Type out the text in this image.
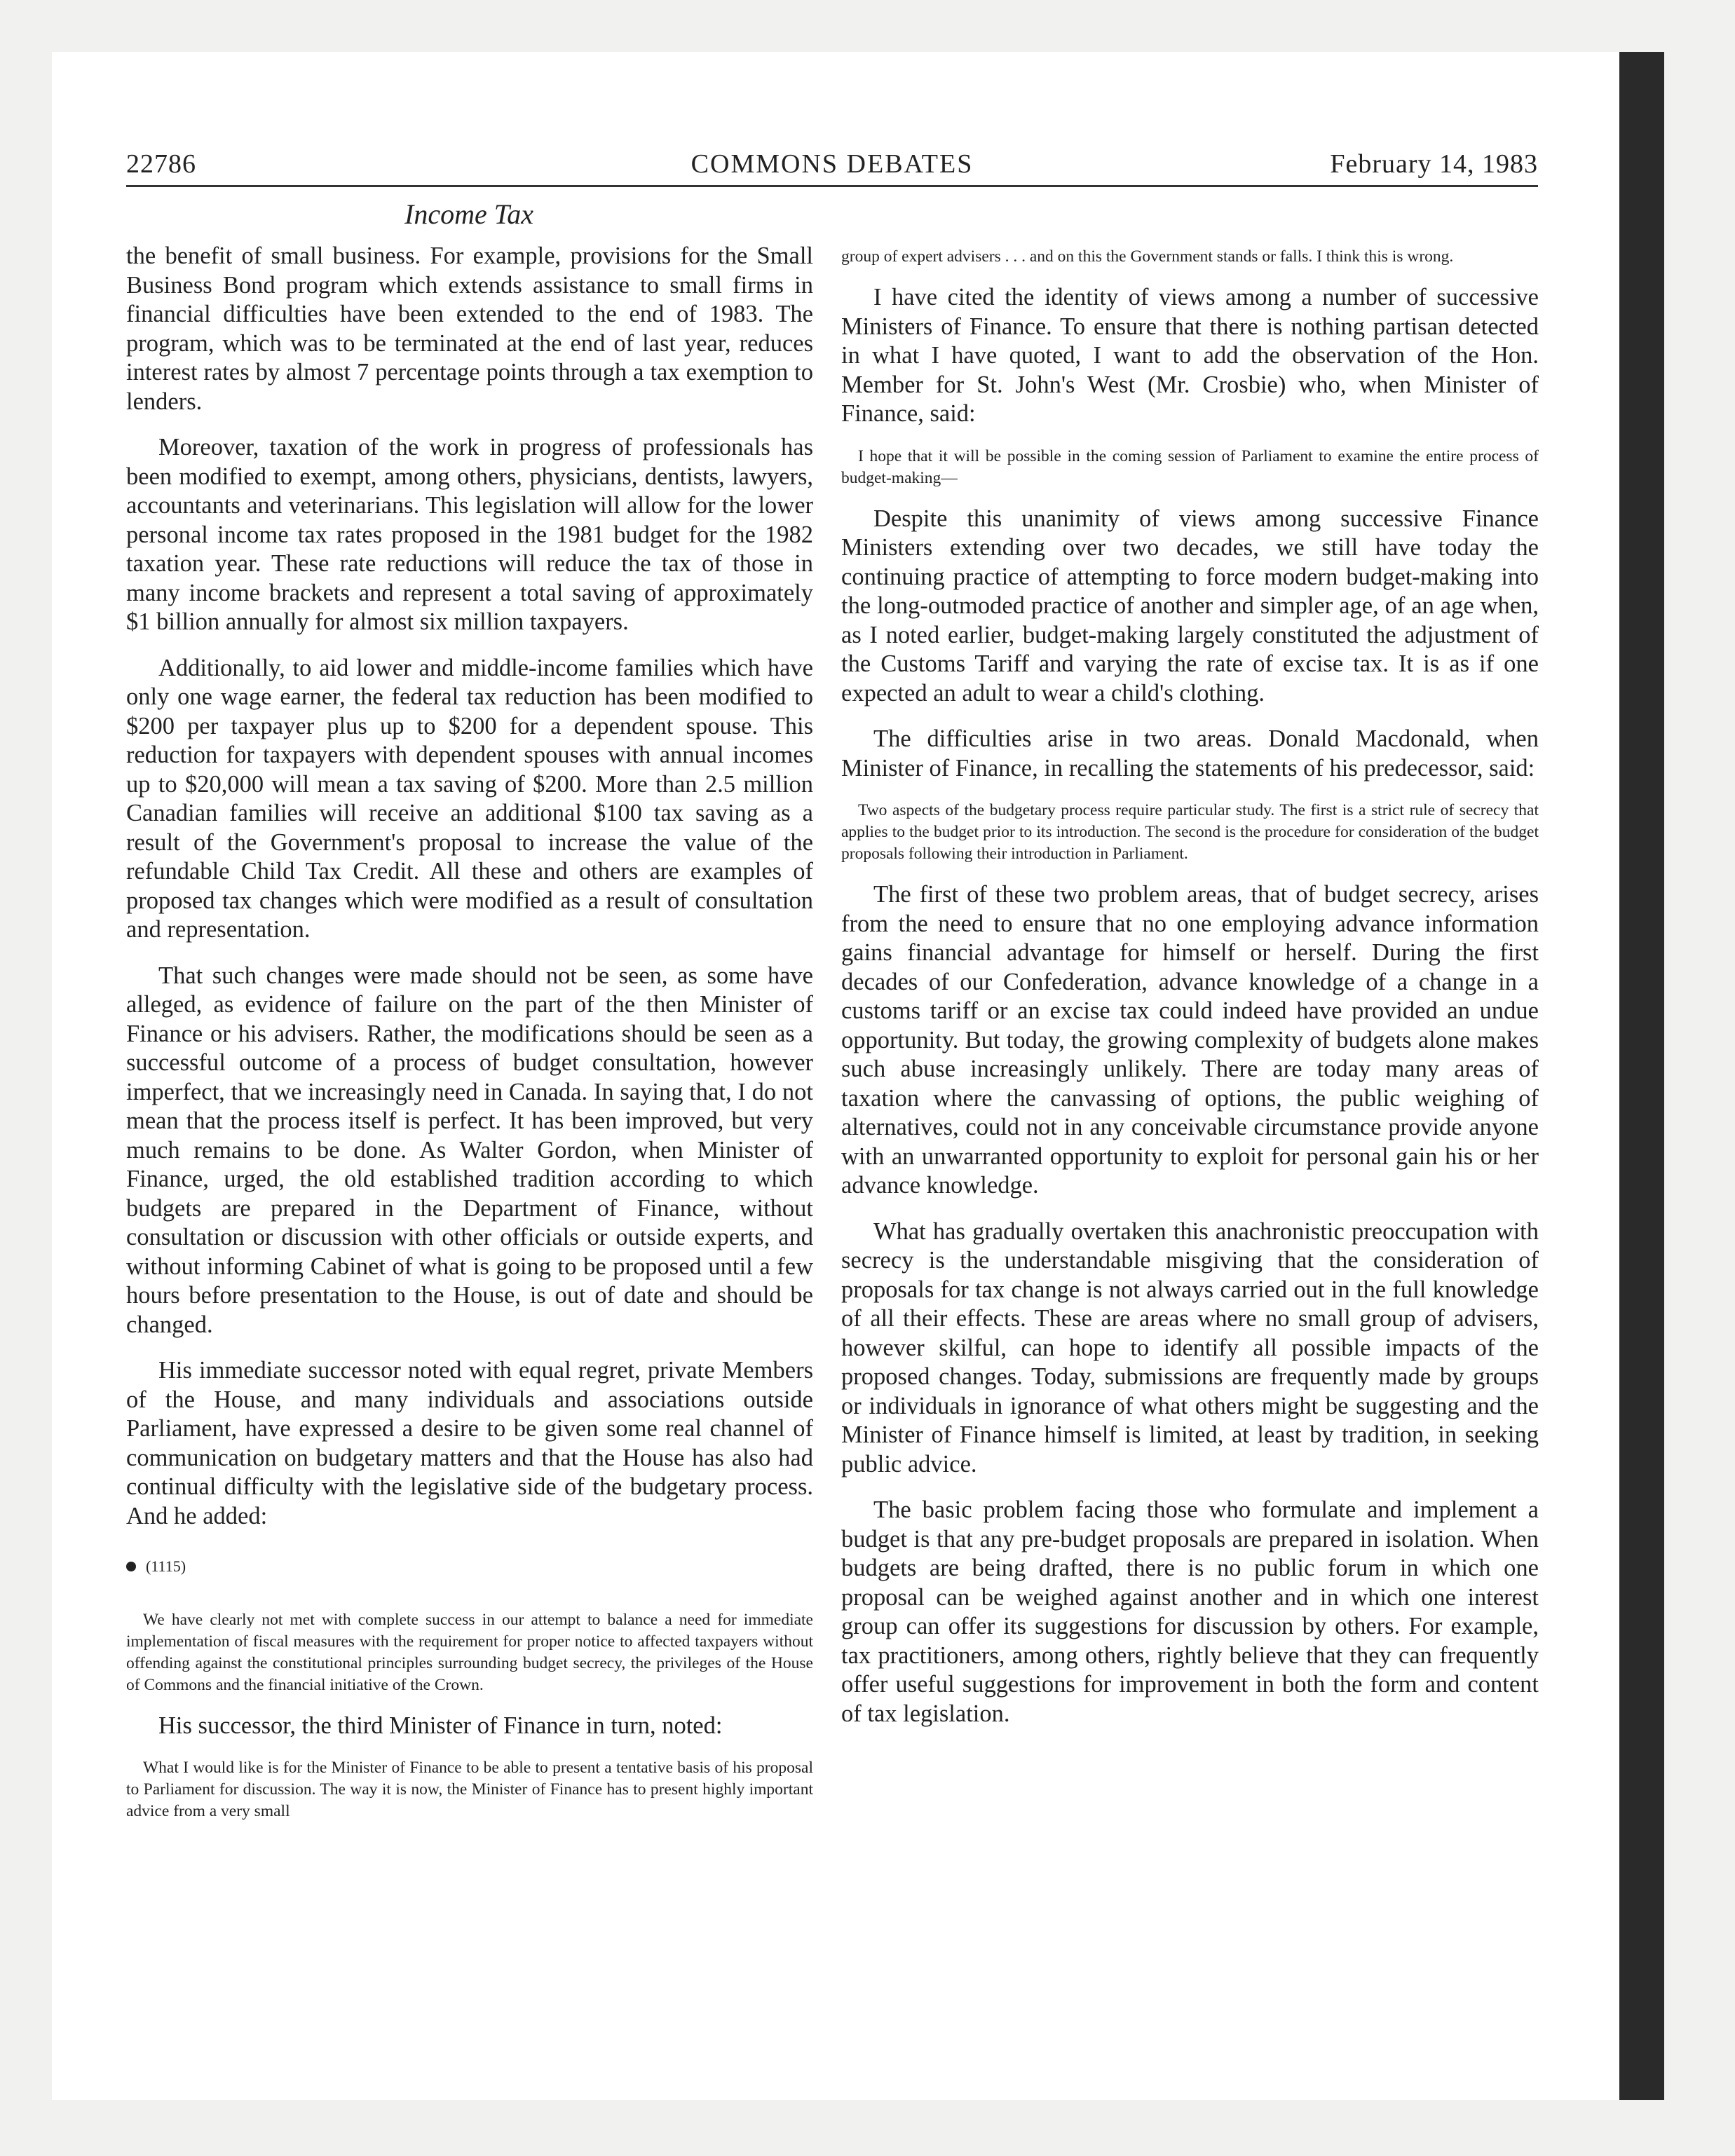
22786	COMMONS DEBATES	February 14, 1983
Income Tax

the benefit of small business. For example, provisions for the Small Business Bond program which extends assistance to small firms in financial difficulties have been extended to the end of 1983. The program, which was to be terminated at the end of last year, reduces interest rates by almost 7 percentage points through a tax exemption to lenders.

Moreover, taxation of the work in progress of professionals has been modified to exempt, among others, physicians, dentists, lawyers, accountants and veterinarians. This legislation will allow for the lower personal income tax rates proposed in the 1981 budget for the 1982 taxation year. These rate reductions will reduce the tax of those in many income brackets and represent a total saving of approximately $1 billion annually for almost six million taxpayers.

Additionally, to aid lower and middle-income families which have only one wage earner, the federal tax reduction has been modified to $200 per taxpayer plus up to $200 for a dependent spouse. This reduction for taxpayers with dependent spouses with annual incomes up to $20,000 will mean a tax saving of $200. More than 2.5 million Canadian families will receive an additional $100 tax saving as a result of the Government's proposal to increase the value of the refundable Child Tax Credit. All these and others are examples of proposed tax changes which were modified as a result of consultation and representation.

That such changes were made should not be seen, as some have alleged, as evidence of failure on the part of the then Minister of Finance or his advisers. Rather, the modifications should be seen as a successful outcome of a process of budget consultation, however imperfect, that we increasingly need in Canada. In saying that, I do not mean that the process itself is perfect. It has been improved, but very much remains to be done. As Walter Gordon, when Minister of Finance, urged, the old established tradition according to which budgets are prepared in the Department of Finance, without consultation or discussion with other officials or outside experts, and without informing Cabinet of what is going to be proposed until a few hours before presentation to the House, is out of date and should be changed.

His immediate successor noted with equal regret, private Members of the House, and many individuals and associations outside Parliament, have expressed a desire to be given some real channel of communication on budgetary matters and that the House has also had continual difficulty with the legislative side of the budgetary process. And he added:

(1115)
We have clearly not met with complete success in our attempt to balance a need for immediate implementation of fiscal measures with the requirement for proper notice to affected taxpayers without offending against the constitutional principles surrounding budget secrecy, the privileges of the House of Commons and the financial initiative of the Crown.

His successor, the third Minister of Finance in turn, noted:

What I would like is for the Minister of Finance to be able to present a tentative basis of his proposal to Parliament for discussion. The way it is now, the Minister of Finance has to present highly important advice from a very small
group of expert advisers . . . and on this the Government stands or falls. I think this is wrong.

I have cited the identity of views among a number of successive Ministers of Finance. To ensure that there is nothing partisan detected in what I have quoted, I want to add the observation of the Hon. Member for St. John's West (Mr. Crosbie) who, when Minister of Finance, said:

I hope that it will be possible in the coming session of Parliament to examine the entire process of budget-making—

Despite this unanimity of views among successive Finance Ministers extending over two decades, we still have today the continuing practice of attempting to force modern budget-making into the long-outmoded practice of another and simpler age, of an age when, as I noted earlier, budget-making largely constituted the adjustment of the Customs Tariff and varying the rate of excise tax. It is as if one expected an adult to wear a child's clothing.

The difficulties arise in two areas. Donald Macdonald, when Minister of Finance, in recalling the statements of his predecessor, said:

Two aspects of the budgetary process require particular study. The first is a strict rule of secrecy that applies to the budget prior to its introduction. The second is the procedure for consideration of the budget proposals following their introduction in Parliament.

The first of these two problem areas, that of budget secrecy, arises from the need to ensure that no one employing advance information gains financial advantage for himself or herself. During the first decades of our Confederation, advance knowledge of a change in a customs tariff or an excise tax could indeed have provided an undue opportunity. But today, the growing complexity of budgets alone makes such abuse increasingly unlikely. There are today many areas of taxation where the canvassing of options, the public weighing of alternatives, could not in any conceivable circumstance provide anyone with an unwarranted opportunity to exploit for personal gain his or her advance knowledge.

What has gradually overtaken this anachronistic preoccupation with secrecy is the understandable misgiving that the consideration of proposals for tax change is not always carried out in the full knowledge of all their effects. These are areas where no small group of advisers, however skilful, can hope to identify all possible impacts of the proposed changes. Today, submissions are frequently made by groups or individuals in ignorance of what others might be suggesting and the Minister of Finance himself is limited, at least by tradition, in seeking public advice.

The basic problem facing those who formulate and implement a budget is that any pre-budget proposals are prepared in isolation. When budgets are being drafted, there is no public forum in which one proposal can be weighed against another and in which one interest group can offer its suggestions for discussion by others. For example, tax practitioners, among others, rightly believe that they can frequently offer useful suggestions for improvement in both the form and content of tax legislation.
